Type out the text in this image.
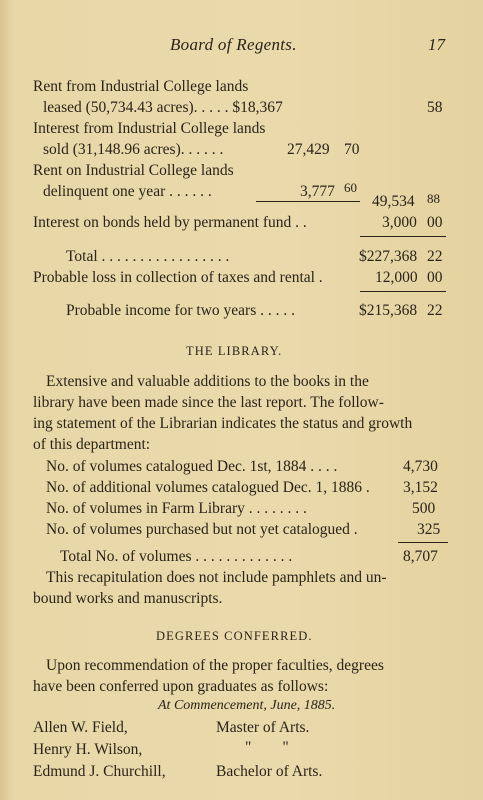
Board of Regents.	17
Rent from Industrial College lands
leased (50,734.43 acres). . . . . $18,367	58
Interest from Industrial College lands
sold (31,148.96 acres). . . . . .	27,429 70
Rent on Industrial College lands
delinquent one year . . . . . .	3,777 60
49,534 88
Interest on bonds held by permanent fund . .	3,000 00
Total . . . . . . . . . . . . . . . . .	$227,368 22
Probable loss in collection of taxes and rental .	12,000 00
Probable income for two years . . . . .	$215,368 22
THE LIBRARY.
Extensive and valuable additions to the books in the
library have been made since the last report. The follow-
ing statement of the Librarian indicates the status and growth
of this department:
No. of volumes catalogued Dec. 1st, 1884 . . . .	4,730
No. of additional volumes catalogued Dec. 1, 1886 . 3,152
No. of volumes in Farm Library . . . . . . . .	500
No. of volumes purchased but not yet catalogued .	325
Total No. of volumes . . . . . . . . . . . . .	8,707
This recapitulation does not include pamphlets and un-
bound works and manuscripts.
DEGREES CONFERRED.
Upon recommendation of the proper faculties, degrees
have been conferred upon graduates as follows:
At Commencement, June, 1885.
Allen W. Field,	Master of Arts.
Henry H. Wilson,	"        "
Edmund J. Churchill,	Bachelor of Arts.
